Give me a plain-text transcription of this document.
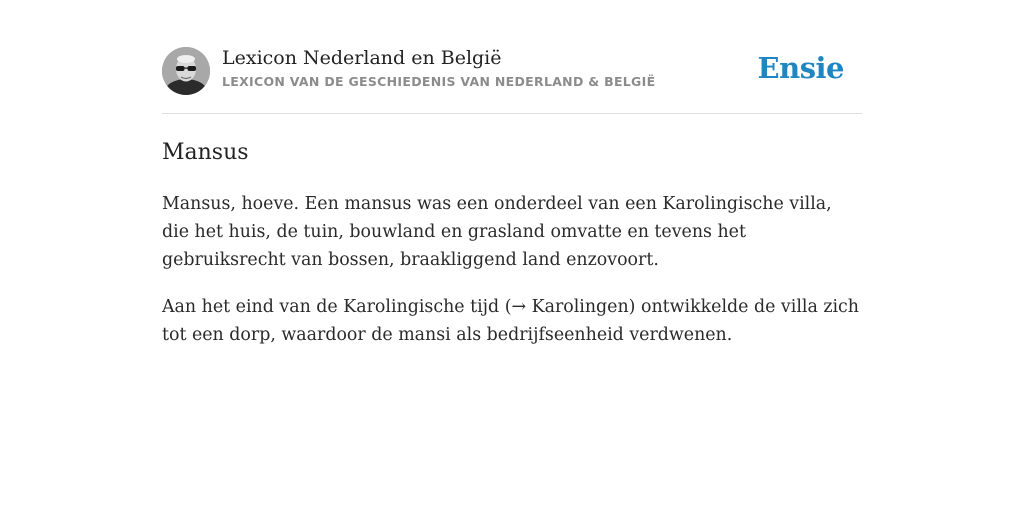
Lexicon Nederland en België
LEXICON VAN DE GESCHIEDENIS VAN NEDERLAND & BELGIË	Ensie
Mansus

Mansus, hoeve. Een mansus was een onderdeel van een Karolingische villa, die het huis, de tuin, bouwland en grasland omvatte en tevens het gebruiksrecht van bossen, braakliggend land enzovoort.

Aan het eind van de Karolingische tijd (→ Karolingen) ontwikkelde de villa zich tot een dorp, waardoor de mansi als bedrijfseenheid verdwenen.
